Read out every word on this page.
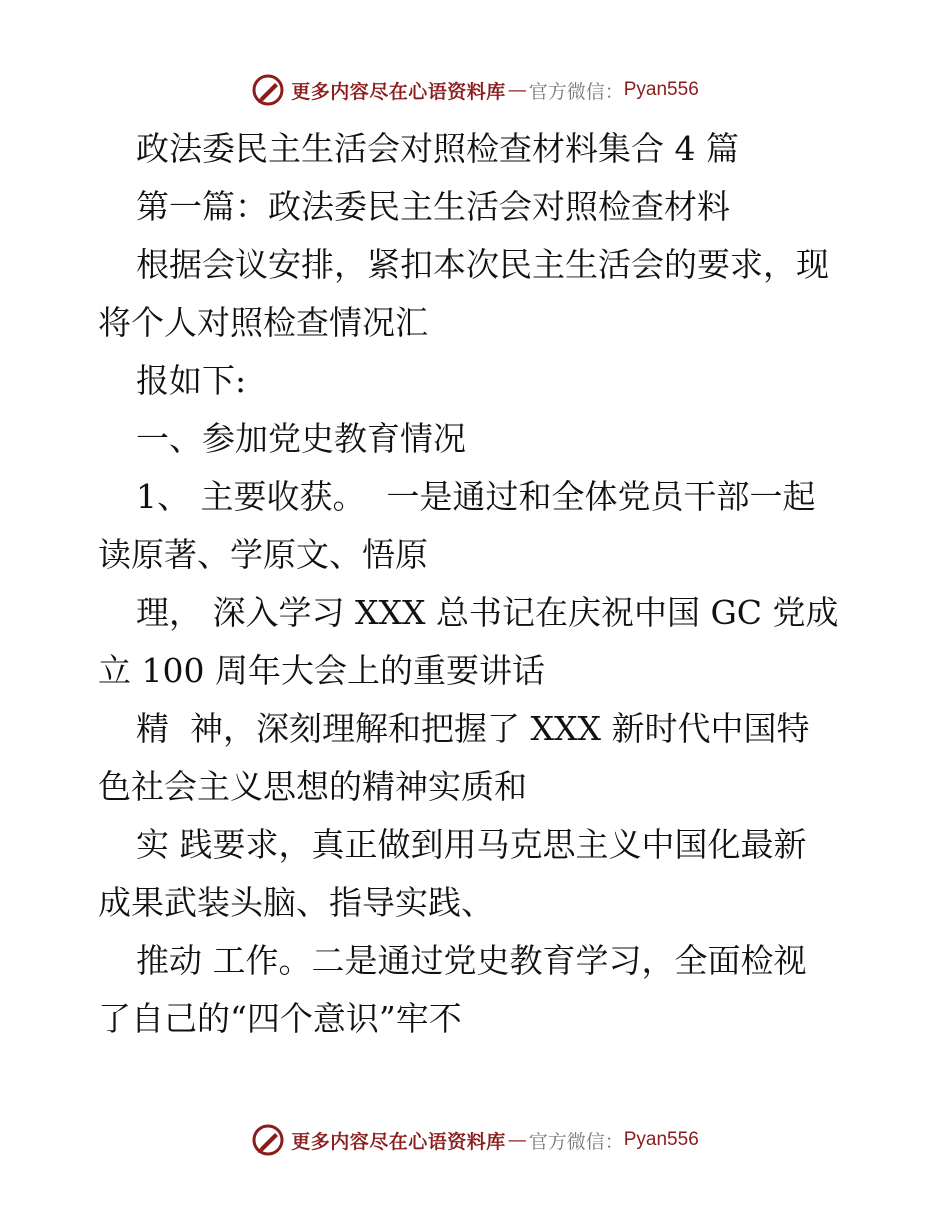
更多内容尽在心语资料库 — 官方微信： Pyan556
政法委民主生活会对照检查材料集合 4 篇
第一篇：政法委民主生活会对照检查材料
根据会议安排，紧扣本次民主生活会的要求，现
将个人对照检查情况汇
报如下:
一、参加党史教育情况
1、 主要收获。  一是通过和全体党员干部一起
读原著、学原文、悟原
理， 深入学习 XXX 总书记在庆祝中国 GC 党成
立 100 周年大会上的重要讲话
精  神，深刻理解和把握了 XXX 新时代中国特
色社会主义思想的精神实质和
实 践要求，真正做到用马克思主义中国化最新
成果武装头脑、指导实践、
推动 工作。二是通过党史教育学习，全面检视
了自己的“四个意识”牢不
更多内容尽在心语资料库 — 官方微信： Pyan556
